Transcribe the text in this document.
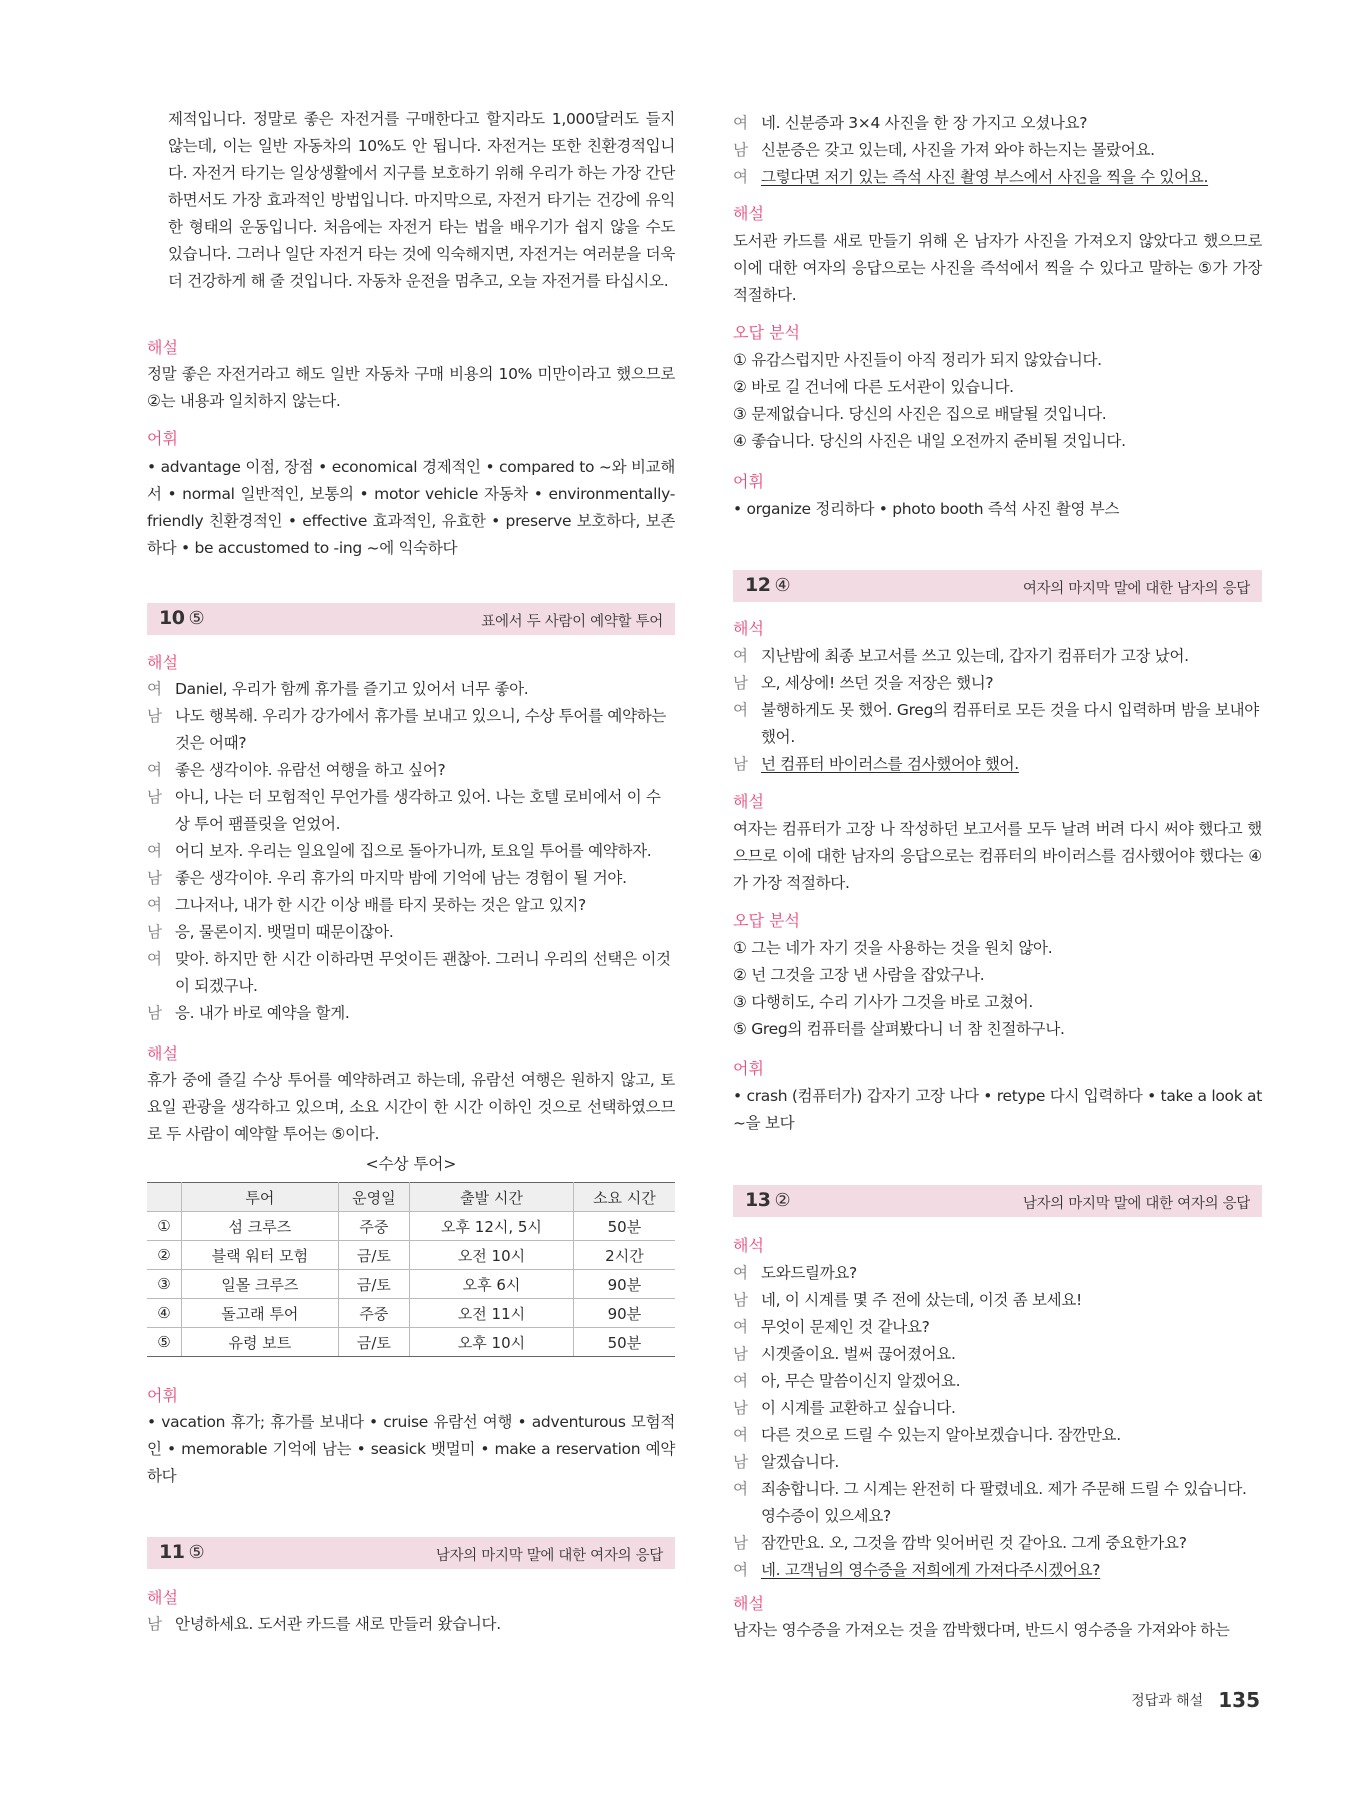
제적입니다. 정말로 좋은 자전거를 구매한다고 할지라도 1,000달러도 들지 않는데, 이는 일반 자동차의 10%도 안 됩니다. 자전거는 또한 친환경적입니다. 자전거 타기는 일상생활에서 지구를 보호하기 위해 우리가 하는 가장 간단하면서도 가장 효과적인 방법입니다. 마지막으로, 자전거 타기는 건강에 유익한 형태의 운동입니다. 처음에는 자전거 타는 법을 배우기가 쉽지 않을 수도 있습니다. 그러나 일단 자전거 타는 것에 익숙해지면, 자전거는 여러분을 더욱더 건강하게 해 줄 것입니다. 자동차 운전을 멈추고, 오늘 자전거를 타십시오.

해설

정말 좋은 자전거라고 해도 일반 자동차 구매 비용의 10% 미만이라고 했으므로 ②는 내용과 일치하지 않는다.

어휘

• advantage 이점, 장점 • economical 경제적인 • compared to ~와 비교해서 • normal 일반적인, 보통의 • motor vehicle 자동차 • environmentally-friendly 친환경적인 • effective 효과적인, 유효한 • preserve 보호하다, 보존하다 • be accustomed to -ing ~에 익숙하다

10 ⑤	표에서 두 사람이 예약할 투어

해설

여 Daniel, 우리가 함께 휴가를 즐기고 있어서 너무 좋아.
남 나도 행복해. 우리가 강가에서 휴가를 보내고 있으니, 수상 투어를 예약하는 것은 어때?
여 좋은 생각이야. 유람선 여행을 하고 싶어?
남 아니, 나는 더 모험적인 무언가를 생각하고 있어. 나는 호텔 로비에서 이 수상 투어 팸플릿을 얻었어.
여 어디 보자. 우리는 일요일에 집으로 돌아가니까, 토요일 투어를 예약하자.
남 좋은 생각이야. 우리 휴가의 마지막 밤에 기억에 남는 경험이 될 거야.
여 그나저나, 내가 한 시간 이상 배를 타지 못하는 것은 알고 있지?
남 응, 물론이지. 뱃멀미 때문이잖아.
여 맞아. 하지만 한 시간 이하라면 무엇이든 괜찮아. 그러니 우리의 선택은 이것이 되겠구나.
남 응. 내가 바로 예약을 할게.

해설

휴가 중에 즐길 수상 투어를 예약하려고 하는데, 유람선 여행은 원하지 않고, 토요일 관광을 생각하고 있으며, 소요 시간이 한 시간 이하인 것으로 선택하였으므로 두 사람이 예약할 투어는 ⑤이다.

<수상 투어>

	투어	운영일	출발 시간	소요 시간
①	섬 크루즈	주중	오후 12시, 5시	50분
②	블랙 워터 모험	금/토	오전 10시	2시간
③	일몰 크루즈	금/토	오후 6시	90분
④	돌고래 투어	주중	오전 11시	90분
⑤	유령 보트	금/토	오후 10시	50분

어휘

• vacation 휴가; 휴가를 보내다 • cruise 유람선 여행 • adventurous 모험적인 • memorable 기억에 남는 • seasick 뱃멀미 • make a reservation 예약하다

11 ⑤	남자의 마지막 말에 대한 여자의 응답

해설

남 안녕하세요. 도서관 카드를 새로 만들러 왔습니다.
여 네. 신분증과 3×4 사진을 한 장 가지고 오셨나요?
남 신분증은 갖고 있는데, 사진을 가져 와야 하는지는 몰랐어요.
여 그렇다면 저기 있는 즉석 사진 촬영 부스에서 사진을 찍을 수 있어요.

해설

도서관 카드를 새로 만들기 위해 온 남자가 사진을 가져오지 않았다고 했으므로 이에 대한 여자의 응답으로는 사진을 즉석에서 찍을 수 있다고 말하는 ⑤가 가장 적절하다.

오답 분석

① 유감스럽지만 사진들이 아직 정리가 되지 않았습니다.
② 바로 길 건너에 다른 도서관이 있습니다.
③ 문제없습니다. 당신의 사진은 집으로 배달될 것입니다.
④ 좋습니다. 당신의 사진은 내일 오전까지 준비될 것입니다.

어휘

• organize 정리하다 • photo booth 즉석 사진 촬영 부스

12 ④	여자의 마지막 말에 대한 남자의 응답

해석

여 지난밤에 최종 보고서를 쓰고 있는데, 갑자기 컴퓨터가 고장 났어.
남 오, 세상에! 쓰던 것을 저장은 했니?
여 불행하게도 못 했어. Greg의 컴퓨터로 모든 것을 다시 입력하며 밤을 보내야 했어.
남 넌 컴퓨터 바이러스를 검사했어야 했어.

해설

여자는 컴퓨터가 고장 나 작성하던 보고서를 모두 날려 버려 다시 써야 했다고 했으므로 이에 대한 남자의 응답으로는 컴퓨터의 바이러스를 검사했어야 했다는 ④가 가장 적절하다.

오답 분석

① 그는 네가 자기 것을 사용하는 것을 원치 않아.
② 넌 그것을 고장 낸 사람을 잡았구나.
③ 다행히도, 수리 기사가 그것을 바로 고쳤어.
⑤ Greg의 컴퓨터를 살펴봤다니 너 참 친절하구나.

어휘

• crash (컴퓨터가) 갑자기 고장 나다 • retype 다시 입력하다 • take a look at ~을 보다

13 ②	남자의 마지막 말에 대한 여자의 응답

해석

여 도와드릴까요?
남 네, 이 시계를 몇 주 전에 샀는데, 이것 좀 보세요!
여 무엇이 문제인 것 같나요?
남 시곗줄이요. 벌써 끊어졌어요.
여 아, 무슨 말씀이신지 알겠어요.
남 이 시계를 교환하고 싶습니다.
여 다른 것으로 드릴 수 있는지 알아보겠습니다. 잠깐만요.
남 알겠습니다.
여 죄송합니다. 그 시계는 완전히 다 팔렸네요. 제가 주문해 드릴 수 있습니다. 영수증이 있으세요?
남 잠깐만요. 오, 그것을 깜박 잊어버린 것 같아요. 그게 중요한가요?
여 네. 고객님의 영수증을 저희에게 가져다주시겠어요?

해설

남자는 영수증을 가져오는 것을 깜박했다며, 반드시 영수증을 가져와야 하는

정답과 해설 135
